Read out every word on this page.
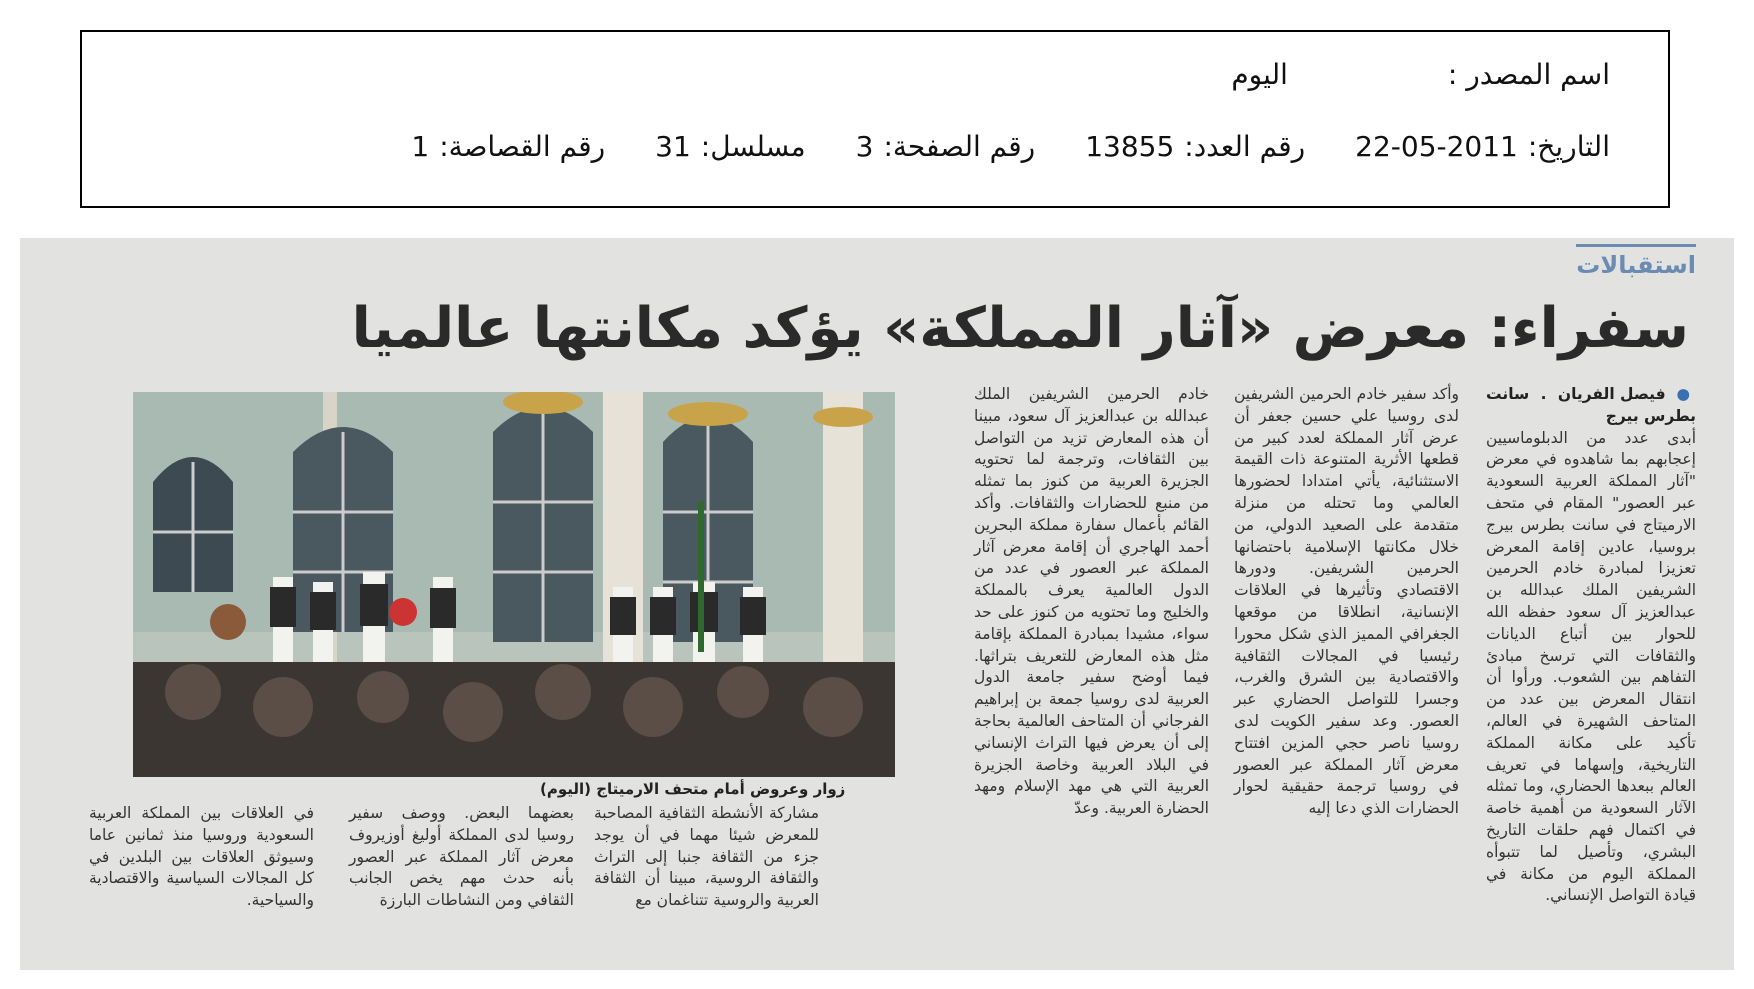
اسم المصدر :
اليوم
التاريخ:
22-05-2011
رقم العدد:
13855
رقم الصفحة:
3
مسلسل:
31
رقم القصاصة:
1
استقبالات
سفراء: معرض «آثار المملكة» يؤكد مكانتها عالميا
● فيصل الفريان . سانت بطرس بيرج
أبدى عدد من الدبلوماسيين إعجابهم بما شاهدوه في معرض "آثار المملكة العربية السعودية عبر العصور" المقام في متحف الارميتاج في سانت بطرس بيرج بروسيا، عادين إقامة المعرض تعزيزا لمبادرة خادم الحرمين الشريفين الملك عبدالله بن عبدالعزيز آل سعود حفظه الله للحوار بين أتباع الديانات والثقافات التي ترسخ مبادئ التفاهم بين الشعوب. ورأوا أن انتقال المعرض بين عدد من المتاحف الشهيرة في العالم، تأكيد على مكانة المملكة التاريخية، وإسهاما في تعريف العالم ببعدها الحضاري، وما تمثله الآثار السعودية من أهمية خاصة في اكتمال فهم حلقات التاريخ البشري، وتأصيل لما تتبوأه المملكة اليوم من مكانة في قيادة التواصل الإنساني.
وأكد سفير خادم الحرمين الشريفين لدى روسيا علي حسين جعفر أن عرض آثار المملكة لعدد كبير من قطعها الأثرية المتنوعة ذات القيمة الاستثنائية، يأتي امتدادا لحضورها العالمي وما تحتله من منزلة متقدمة على الصعيد الدولي، من خلال مكانتها الإسلامية باحتضانها الحرمين الشريفين. ودورها الاقتصادي وتأثيرها في العلاقات الإنسانية، انطلاقا من موقعها الجغرافي المميز الذي شكل محورا رئيسيا في المجالات الثقافية والاقتصادية بين الشرق والغرب، وجسرا للتواصل الحضاري عبر العصور. وعد سفير الكويت لدى روسيا ناصر حجي المزين افتتاح معرض آثار المملكة عبر العصور في روسيا ترجمة حقيقية لحوار الحضارات الذي دعا إليه
خادم الحرمين الشريفين الملك عبدالله بن عبدالعزيز آل سعود، مبينا أن هذه المعارض تزيد من التواصل بين الثقافات، وترجمة لما تحتويه الجزيرة العربية من كنوز بما تمثله من منبع للحضارات والثقافات. وأكد القائم بأعمال سفارة مملكة البحرين أحمد الهاجري أن إقامة معرض آثار المملكة عبر العصور في عدد من الدول العالمية يعرف بالمملكة والخليج وما تحتويه من كنوز على حد سواء، مشيدا بمبادرة المملكة بإقامة مثل هذه المعارض للتعريف بتراثها. فيما أوضح سفير جامعة الدول العربية لدى روسيا جمعة بن إبراهيم الفرجاني أن المتاحف العالمية بحاجة إلى أن يعرض فيها التراث الإنساني في البلاد العربية وخاصة الجزيرة العربية التي هي مهد الإسلام ومهد الحضارة العربية. وعدّ
مشاركة الأنشطة الثقافية المصاحبة للمعرض شيئا مهما في أن يوجد جزء من الثقافة جنبا إلى التراث والثقافة الروسية، مبينا أن الثقافة العربية والروسية تتناغمان مع
بعضهما البعض. ووصف سفير روسيا لدى المملكة أوليغ أوزيروف معرض آثار المملكة عبر العصور بأنه حدث مهم يخص الجانب الثقافي ومن النشاطات البارزة
في العلاقات بين المملكة العربية السعودية وروسيا منذ ثمانين عاما وسيوثق العلاقات بين البلدين في كل المجالات السياسية والاقتصادية والسياحية.
زوار وعروض أمام متحف الارميتاج (اليوم)
